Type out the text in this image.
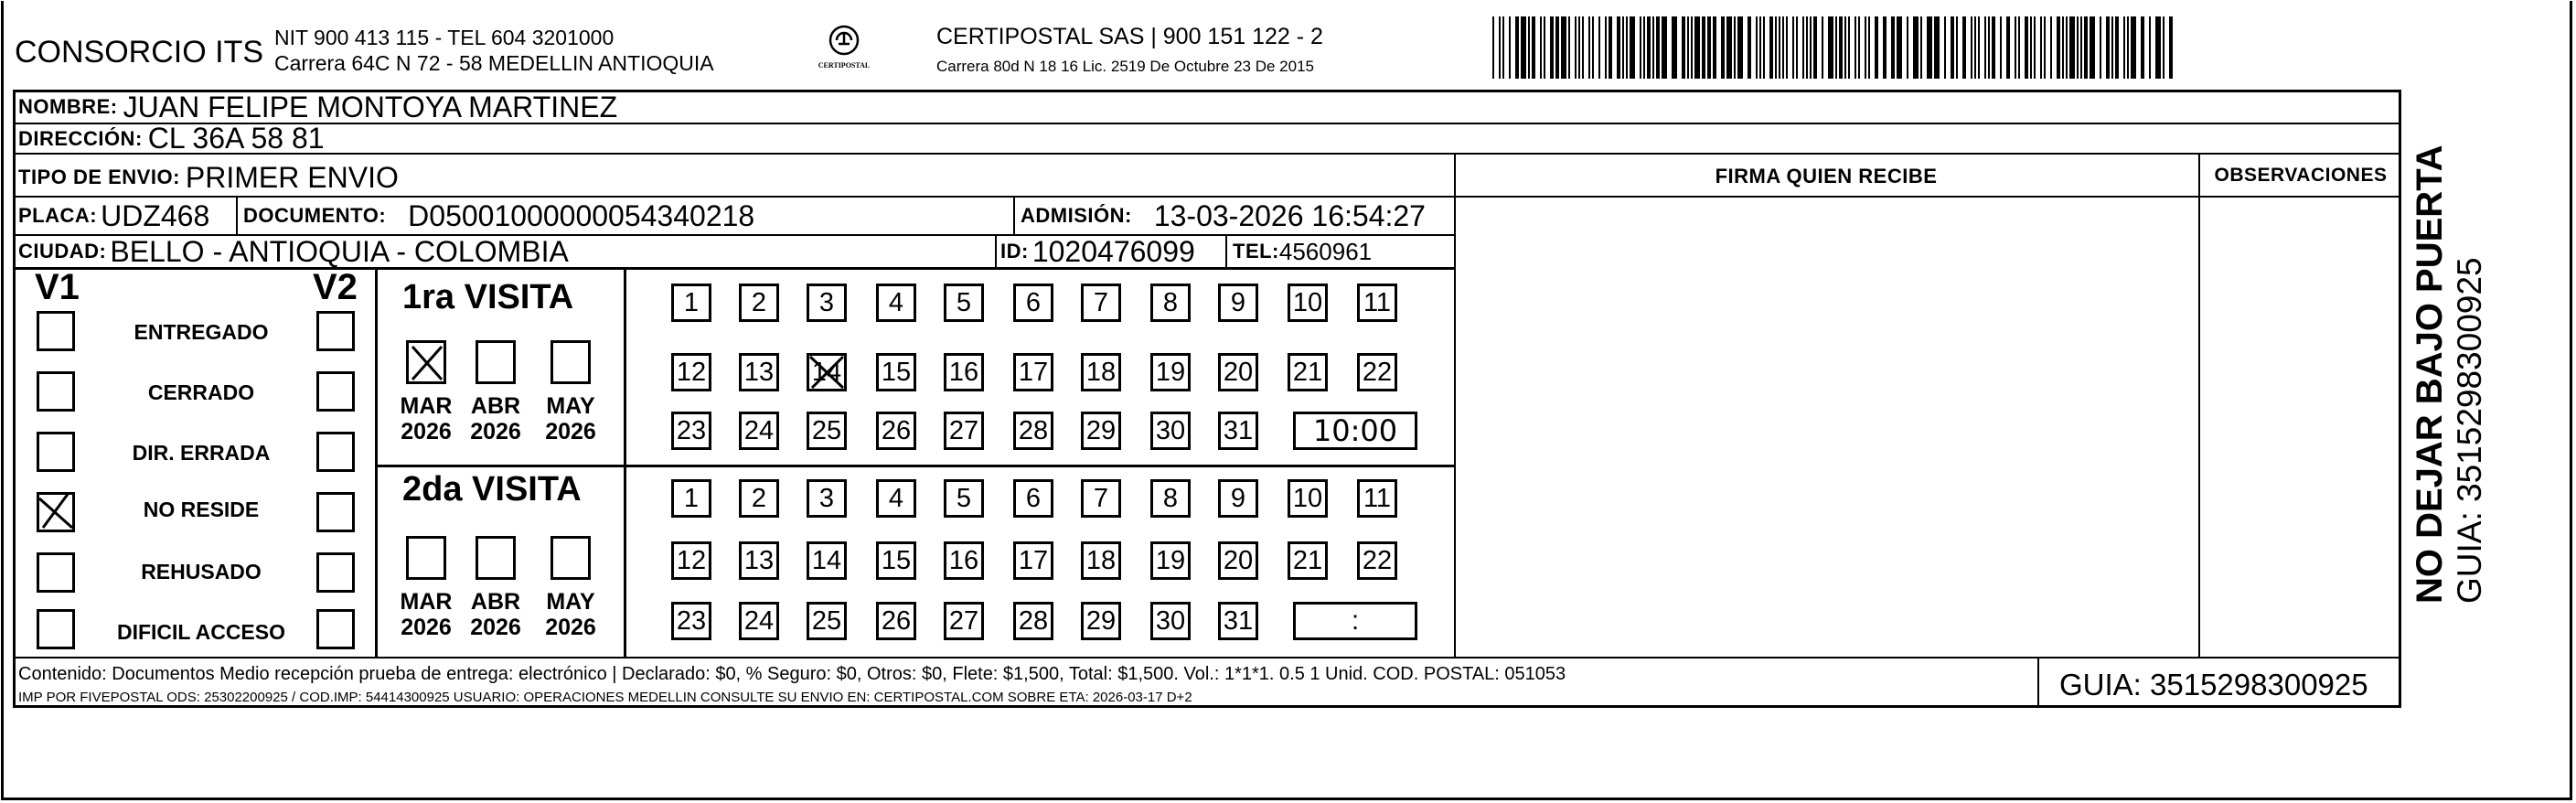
CONSORCIO ITS NIT 900 413 115 - TEL 604 3201000
Carrera 64C N 72 - 58 MEDELLIN ANTIOQUIA	CERTIPOSTAL
CERTIPOSTAL SAS | 900 151 122 - 2
Carrera 80d N 18 16 Lic. 2519 De Octubre 23 De 2015
NOMBRE: JUAN FELIPE MONTOYA MARTINEZ
DIRECCIÓN: CL 36A 58 81
TIPO DE ENVIO: PRIMER ENVIO
PLACA: UDZ468 DOCUMENTO: D05001000000054340218	ADMISIÓN: 13-03-2026 16:54:27
CIUDAD: BELLO - ANTIOQUIA - COLOMBIA	ID: 1020476099 TEL: 4560961
FIRMA QUIEN RECIBE	OBSERVACIONES
V1	V2
ENTREGADO
CERRADO
DIR. ERRADA
NO RESIDE
REHUSADO
DIFICIL ACCESO
1ra VISITA
MAR
2026
ABR
2026
MAY
2026
1	2	3	4	5	6	7	8	9	10 11
12 13 14 15 16 17 18 19 20 21 22
23 24 25 26 27 28 29 30 31	10:00
2da VISITA
MAR
2026
ABR
2026
MAY
2026
1	2	3	4	5	6	7	8	9	10 11
12 13 14 15 16 17 18 19 20 21 22
23 24 25 26 27 28 29 30 31	:
Contenido: Documentos Medio recepción prueba de entrega: electrónico | Declarado: $0, % Seguro: $0, Otros: $0, Flete: $1,500, Total: $1,500. Vol.: 1*1*1. 0.5 1 Unid. COD. POSTAL: 051053
IMP POR FIVEPOSTAL ODS: 25302200925 / COD.IMP: 54414300925 USUARIO: OPERACIONES MEDELLIN CONSULTE SU ENVIO EN: CERTIPOSTAL.COM SOBRE ETA: 2026-03-17 D+2	GUIA: 3515298300925
NO DEJAR BAJO PUERTA GUIA: 3515298300925
